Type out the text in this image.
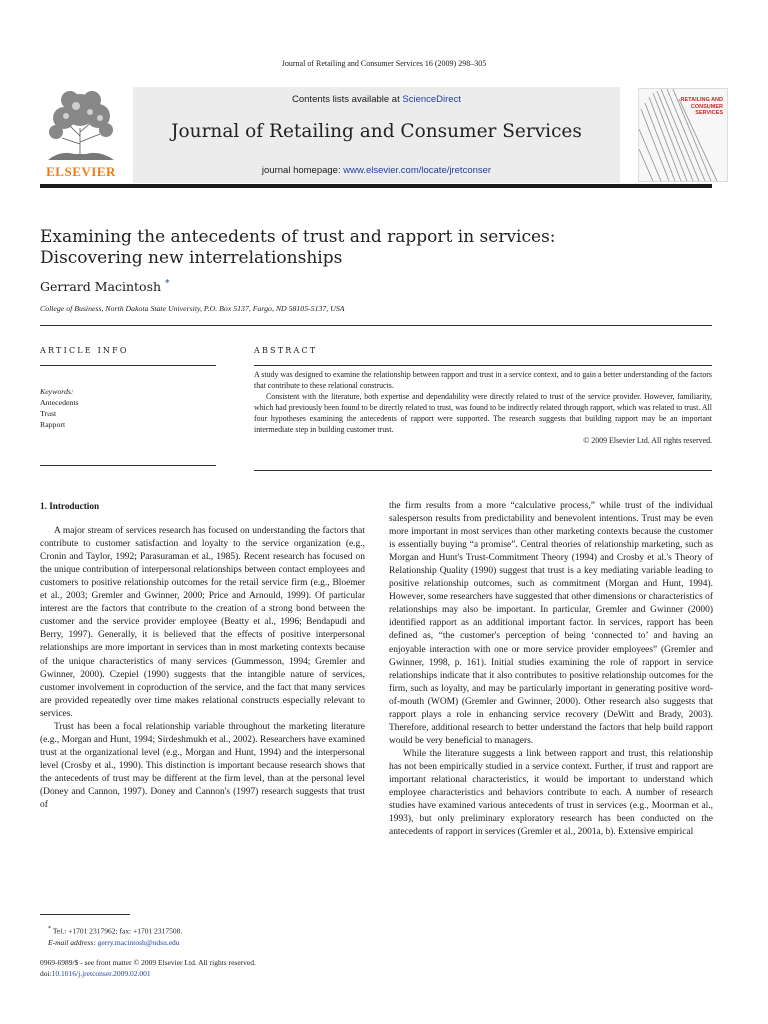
Journal of Retailing and Consumer Services 16 (2009) 298–305
ELSEVIER
Contents lists available at ScienceDirect
Journal of Retailing and Consumer Services
journal homepage: www.elsevier.com/locate/jretconser
RETAILING AND CONSUMER SERVICES
Examining the antecedents of trust and rapport in services:
Discovering new interrelationships
Gerrard Macintosh *
College of Business, North Dakota State University, P.O. Box 5137, Fargo, ND 58105-5137, USA
ARTICLE INFO
Keywords:
Antecedents
Trust
Rapport
ABSTRACT

A study was designed to examine the relationship between rapport and trust in a service context, and to gain a better understanding of the factors that contribute to these relational constructs.

Consistent with the literature, both expertise and dependability were directly related to trust of the service provider. However, familiarity, which had previously been found to be directly related to trust, was found to be indirectly related through rapport, which was related to trust. All four hypotheses examining the antecedents of rapport were supported. The research suggests that building rapport may be an important intermediate step in building customer trust.

© 2009 Elsevier Ltd. All rights reserved.

1. Introduction

A major stream of services research has focused on understanding the factors that contribute to customer satisfaction and loyalty to the service organization (e.g., Cronin and Taylor, 1992; Parasuraman et al., 1985). Recent research has focused on the unique contribution of interpersonal relationships between contact employees and customers to positive relationship outcomes for the retail service firm (e.g., Bloemer et al., 2003; Gremler and Gwinner, 2000; Price and Arnould, 1999). Of particular interest are the factors that contribute to the creation of a strong bond between the customer and the service provider employee (Beatty et al., 1996; Bendapudi and Berry, 1997). Generally, it is believed that the effects of positive interpersonal relationships are more important in services than in most marketing contexts because of the unique characteristics of many services (Gummesson, 1994; Gremler and Gwinner, 2000). Czepiel (1990) suggests that the intangible nature of services, customer involvement in coproduction of the service, and the fact that many services are provided repeatedly over time makes relational constructs especially relevant to services.

Trust has been a focal relationship variable throughout the marketing literature (e.g., Morgan and Hunt, 1994; Sirdeshmukh et al., 2002). Researchers have examined trust at the organizational level (e.g., Morgan and Hunt, 1994) and the interpersonal level (Crosby et al., 1990). This distinction is important because research shows that the antecedents of trust may be different at the firm level, than at the personal level (Doney and Cannon, 1997). Doney and Cannon's (1997) research suggests that trust of

the firm results from a more “calculative process,” while trust of the individual salesperson results from predictability and benevolent intentions. Trust may be even more important in most services than other marketing contexts because the customer is essentially buying “a promise”. Central theories of relationship marketing, such as Morgan and Hunt's Trust-Commitment Theory (1994) and Crosby et al.'s Theory of Relationship Quality (1990) suggest that trust is a key mediating variable leading to positive relationship outcomes, such as commitment (Morgan and Hunt, 1994). However, some researchers have suggested that other dimensions or characteristics of relationships may also be important. In particular, Gremler and Gwinner (2000) identified rapport as an additional important factor. In services, rapport has been defined as, “the customer's perception of being ‘connected to’ and having an enjoyable interaction with one or more service provider employees” (Gremler and Gwinner, 1998, p. 161). Initial studies examining the role of rapport in service relationships indicate that it also contributes to positive relationship outcomes for the firm, such as loyalty, and may be particularly important in generating positive word-of-mouth (WOM) (Gremler and Gwinner, 2000). Other research also suggests that rapport plays a role in enhancing service recovery (DeWitt and Brady, 2003). Therefore, additional research to better understand the factors that help build rapport would be very beneficial to managers.

While the literature suggests a link between rapport and trust, this relationship has not been empirically studied in a service context. Further, if trust and rapport are important relational characteristics, it would be important to understand which employee characteristics and behaviors contribute to each. A number of research studies have examined various antecedents of trust in services (e.g., Moorman et al., 1993), but only preliminary exploratory research has been conducted on the antecedents of rapport in services (Gremler et al., 2001a, b). Extensive empirical

* Tel.: +1701 2317962; fax: +1701 2317508.
E-mail address: gerry.macintosh@ndsu.edu
0969-6989/$ - see front matter © 2009 Elsevier Ltd. All rights reserved.
doi:10.1016/j.jretconser.2009.02.001
